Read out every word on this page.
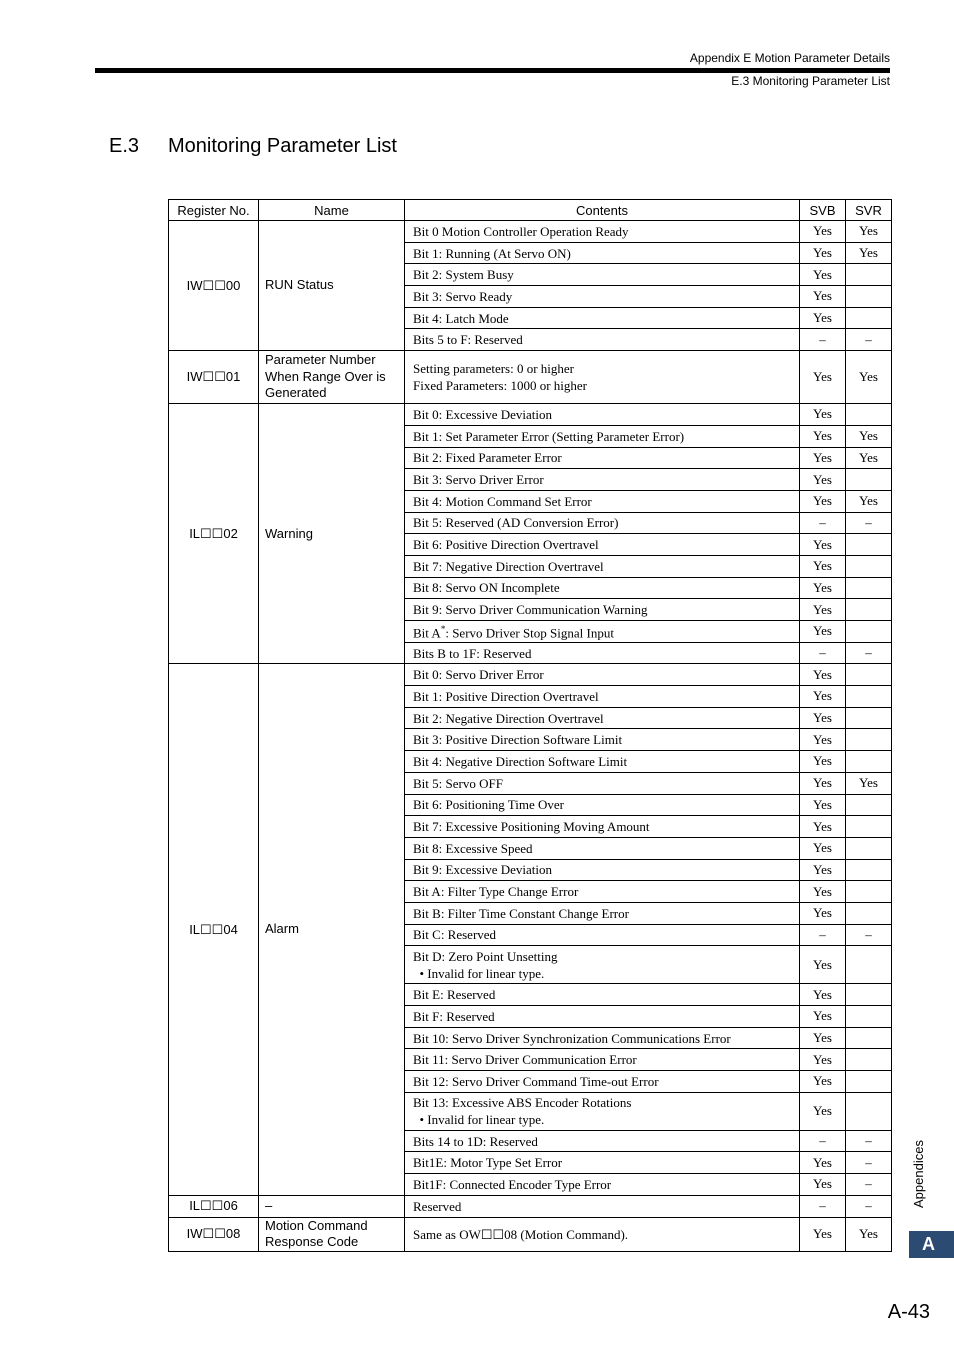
Appendix E Motion Parameter Details
E.3 Monitoring Parameter List
E.3 Monitoring Parameter List
Register No.	Name	Contents	SVB	SVR
IW☐☐00	RUN Status	Bit 0 Motion Controller Operation Ready	Yes	Yes
		Bit 1: Running (At Servo ON)	Yes	Yes
		Bit 2: System Busy	Yes	
		Bit 3: Servo Ready	Yes	
		Bit 4: Latch Mode	Yes	
		Bits 5 to F: Reserved	–	–
IW☐☐01	Parameter Number When Range Over is Generated	Setting parameters: 0 or higher
Fixed Parameters: 1000 or higher	Yes	Yes
IL☐☐02	Warning	Bit 0: Excessive Deviation	Yes	
		Bit 1: Set Parameter Error (Setting Parameter Error)	Yes	Yes
		Bit 2: Fixed Parameter Error	Yes	Yes
		Bit 3: Servo Driver Error	Yes	
		Bit 4: Motion Command Set Error	Yes	Yes
		Bit 5: Reserved (AD Conversion Error)	–	–
		Bit 6: Positive Direction Overtravel	Yes	
		Bit 7: Negative Direction Overtravel	Yes	
		Bit 8: Servo ON Incomplete	Yes	
		Bit 9: Servo Driver Communication Warning	Yes	
		Bit A*: Servo Driver Stop Signal Input	Yes	
		Bits B to 1F: Reserved	–	–
IL☐☐04	Alarm	Bit 0: Servo Driver Error	Yes	
		Bit 1: Positive Direction Overtravel	Yes	
		Bit 2: Negative Direction Overtravel	Yes	
		Bit 3: Positive Direction Software Limit	Yes	
		Bit 4: Negative Direction Software Limit	Yes	
		Bit 5: Servo OFF	Yes	Yes
		Bit 6: Positioning Time Over	Yes	
		Bit 7: Excessive Positioning Moving Amount	Yes	
		Bit 8: Excessive Speed	Yes	
		Bit 9: Excessive Deviation	Yes	
		Bit A: Filter Type Change Error	Yes	
		Bit B: Filter Time Constant Change Error	Yes	
		Bit C: Reserved	–	–
		Bit D: Zero Point Unsetting
 • Invalid for linear type.	Yes	
		Bit E: Reserved	Yes	
		Bit F: Reserved	Yes	
		Bit 10: Servo Driver Synchronization Communications Error	Yes	
		Bit 11: Servo Driver Communication Error	Yes	
		Bit 12: Servo Driver Command Time-out Error	Yes	
		Bit 13: Excessive ABS Encoder Rotations
 • Invalid for linear type.	Yes	
		Bits 14 to 1D: Reserved	–	–
		Bit1E: Motor Type Set Error	Yes	–
		Bit1F: Connected Encoder Type Error	Yes	–
IL☐☐06	–	Reserved	–	–
IW☐☐08	Motion Command Response Code	Same as OW☐☐08 (Motion Command).	Yes	Yes
Appendices
A
A-43
